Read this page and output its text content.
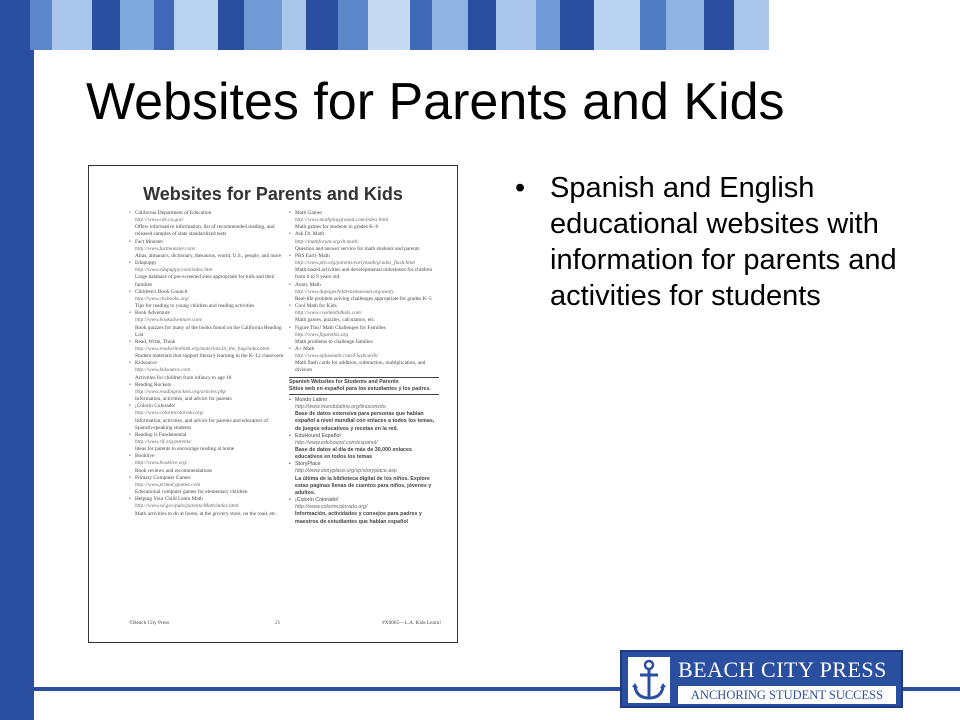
Websites for Parents and Kids
Websites for Parents and Kids
• California Department of Education
http://www.cde.ca.gov/
Offers informative information, list of recommended reading, and released samples of state standardized tests
• Fact Monster
http://www.factmonster.com/
Atlas, almanacs, dictionary, thesaurus, world, U.S., people, and more
• Edupuppy
http://www.edupuppy.com/index.htm
Large database of pre-screened sites appropriate for kids and their families
• Children's Book Council
http://www.cbcbooks.org/
Tips for reading to young children and reading activities
• Book Adventure
http://www.bookadventure.com/
Book quizzes for many of the books found on the California Reading List
• Read, Write, Think
http://www.readwritethink.org/materials/in_the_bag/index.html
Student materials that support literacy learning in the K–12 classroom
• Kidsource
http://www.kidsource.com
Activities for children from infancy to age 10
• Reading Rockets
http://www.readingrockets.org/articles.php
Information, activities, and advice for parents
• ¡Colorín Colorado!
http://www.colorincolorado.org/
Information, activities, and advice for parents and educators of Spanish-speaking students
• Reading is Fundamental
http://www.rif.org/parents/
Ideas for parents to encourage reading at home
• Booklive
http://www.booklive.org/
Book reviews and recommendations
• Primary Computer Games
http://www.primarygames.com
Educational computer games for elementary children
• Helping Your Child Learn Math
http://www.ed.gov/pubs/parents/Math/index.html
Math activities to do at home, at the grocery store, on the road, etc.
• Math Games
http://www.mathplayground.com/index.html
Math games for students in grades K–6
• Ask Dr. Math
http://mathforum.org/dr.math/
Question and answer service for math students and parents
• PBS Early Math
http://www.pbs.org/parents/earlymath/grades_flash.html
Math-based activities and developmental milestones for children from 6 to 9 years old
• Aunty Math
http://www.dupagechildrensmuseum.org/aunty
Real-life problem solving challenges appropriate for grades K–5
• Cool Math for Kids
http://www.coolmath4kids.com/
Math games, puzzles, calculators, etc.
• Figure This! Math Challenges for Families
http://www.figurethis.org
Math problems to challenge families
• A+ Math
http://www.aplusmath.com/Flashcards/
Math flash cards for addition, subtraction, multiplication, and division
Spanish Websites for Students and Parents
Sitios web en español para los estudiantes y los padres.
• Mundo Latino
http://www.mundolatino.org/tinoconcito
Base de datos extensiva para personas que hablan español a nivel mundial con enlaces a todos los temas, de juegos educativos y recetas en la red.
• EduHound Español
http://www.eduhound.com/espanol/
Base de datos al día de más de 30,000 enlaces educativos en todos los temas
• StoryPlace
http://www.storyplace.org/sp/storyplace.asp
La última de la biblioteca digital de los niños. Explore estas páginas llenas de cuentos para niños, jóvenes y adultos.
• ¡Colorín Colorado!
http://www.colorincolorado.org/
Información, actividades y consejos para padres y maestros de estudiantes que hablan español
©Beach City Press	21	#X0065—L.A. Kids Learn!
• Spanish and English educational websites with information for parents and activities for students
BEACH CITY PRESS
ANCHORING STUDENT SUCCESS
